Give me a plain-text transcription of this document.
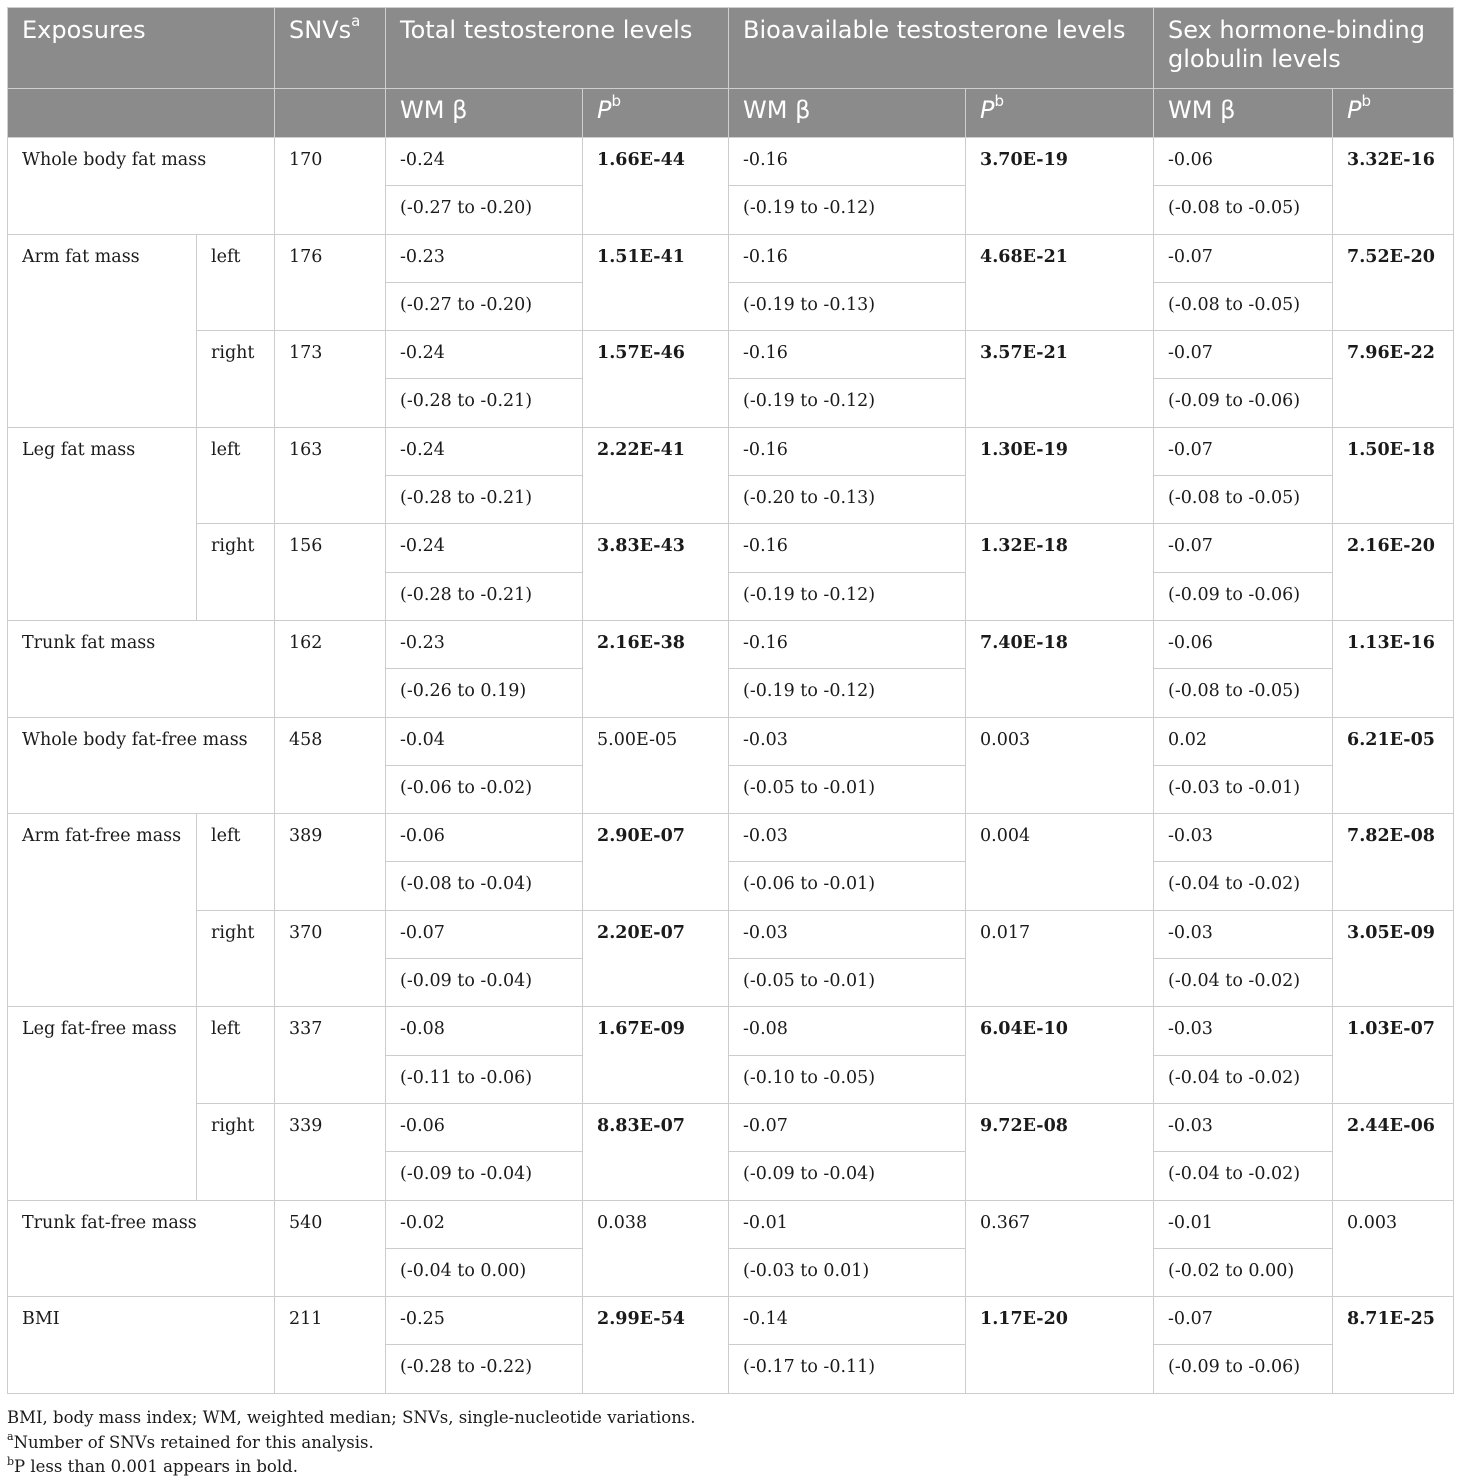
Exposures		SNVs$^a$	Total testosterone levels		Bioavailable testosterone levels		Sex hormone-binding globulin levels	
			WM β	$P^b$	WM β	$P^b$	WM β	$P^b$
Whole body fat mass		170	-0.24	1.66E-44	-0.16	3.70E-19	-0.06	3.32E-16
			(-0.27 to -0.20)		(-0.19 to -0.12)		(-0.08 to -0.05)	
Arm fat mass	left	176	-0.23	1.51E-41	-0.16	4.68E-21	-0.07	7.52E-20
			(-0.27 to -0.20)		(-0.19 to -0.13)		(-0.08 to -0.05)	
	right	173	-0.24	1.57E-46	-0.16	3.57E-21	-0.07	7.96E-22
			(-0.28 to -0.21)		(-0.19 to -0.12)		(-0.09 to -0.06)	
Leg fat mass	left	163	-0.24	2.22E-41	-0.16	1.30E-19	-0.07	1.50E-18
			(-0.28 to -0.21)		(-0.20 to -0.13)		(-0.08 to -0.05)	
	right	156	-0.24	3.83E-43	-0.16	1.32E-18	-0.07	2.16E-20
			(-0.28 to -0.21)		(-0.19 to -0.12)		(-0.09 to -0.06)	
Trunk fat mass		162	-0.23	2.16E-38	-0.16	7.40E-18	-0.06	1.13E-16
			(-0.26 to 0.19)		(-0.19 to -0.12)		(-0.08 to -0.05)	
Whole body fat-free mass		458	-0.04	5.00E-05	-0.03	0.003	0.02	6.21E-05
			(-0.06 to -0.02)		(-0.05 to -0.01)		(-0.03 to -0.01)	
Arm fat-free mass	left	389	-0.06	2.90E-07	-0.03	0.004	-0.03	7.82E-08
			(-0.08 to -0.04)		(-0.06 to -0.01)		(-0.04 to -0.02)	
	right	370	-0.07	2.20E-07	-0.03	0.017	-0.03	3.05E-09
			(-0.09 to -0.04)		(-0.05 to -0.01)		(-0.04 to -0.02)	
Leg fat-free mass	left	337	-0.08	1.67E-09	-0.08	6.04E-10	-0.03	1.03E-07
			(-0.11 to -0.06)		(-0.10 to -0.05)		(-0.04 to -0.02)	
	right	339	-0.06	8.83E-07	-0.07	9.72E-08	-0.03	2.44E-06
			(-0.09 to -0.04)		(-0.09 to -0.04)		(-0.04 to -0.02)	
Trunk fat-free mass		540	-0.02	0.038	-0.01	0.367	-0.01	0.003
			(-0.04 to 0.00)		(-0.03 to 0.01)		(-0.02 to 0.00)	
BMI		211	-0.25	2.99E-54	-0.14	1.17E-20	-0.07	8.71E-25
			(-0.28 to -0.22)		(-0.17 to -0.11)		(-0.09 to -0.06)	
BMI, body mass index; WM, weighted median; SNVs, single-nucleotide variations.
$^a$Number of SNVs retained for this analysis.
$^b$P less than 0.001 appears in bold.
